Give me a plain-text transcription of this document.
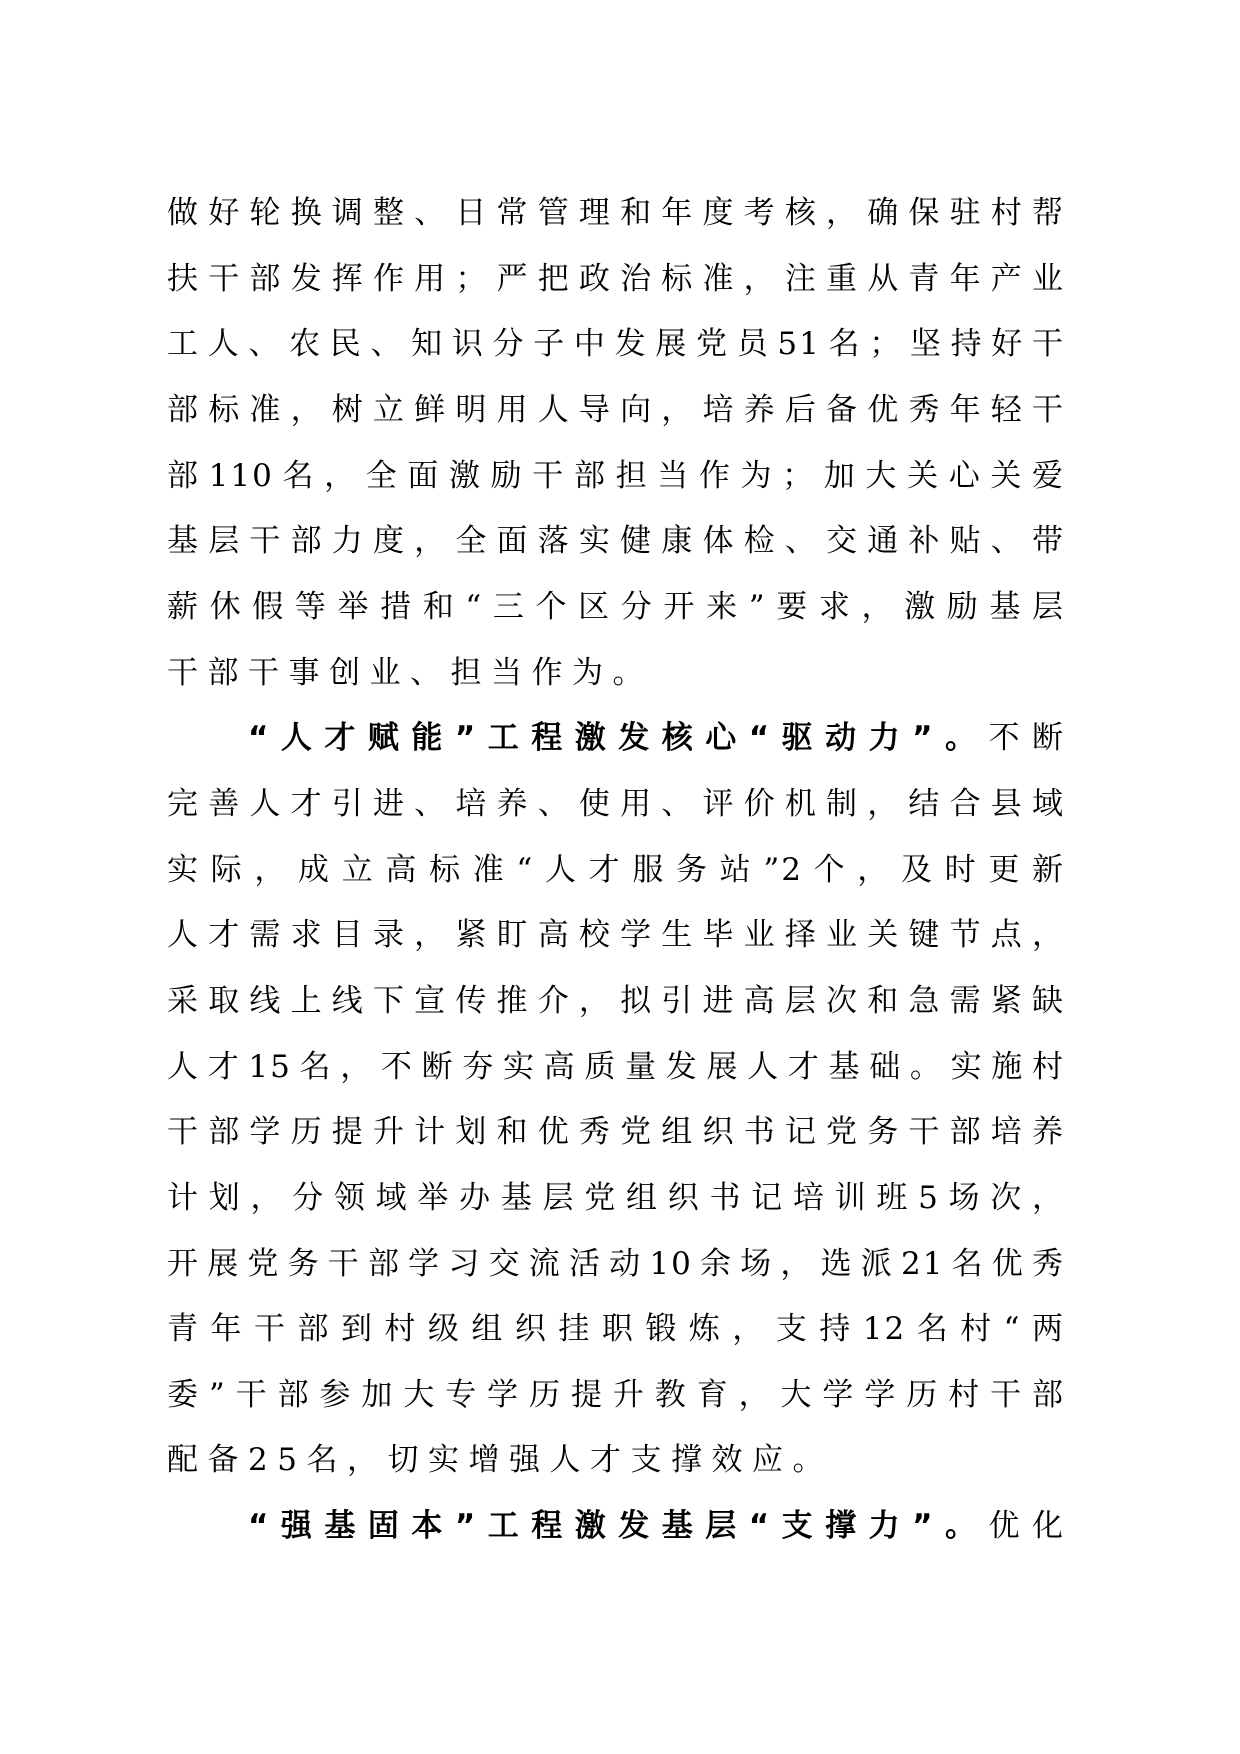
做好轮换调整、日常管理和年度考核，确保驻村帮
扶干部发挥作用；严把政治标准，注重从青年产业
工人、农民、知识分子中发展党员51名；坚持好干
部标准，树立鲜明用人导向，培养后备优秀年轻干
部110名，全面激励干部担当作为；加大关心关爱
基层干部力度，全面落实健康体检、交通补贴、带
薪休假等举措和“三个区分开来”要求，激励基层
干部干事创业、担当作为。
“人才赋能”工程激发核心“驱动力”。不断
完善人才引进、培养、使用、评价机制，结合县域
实际，成立高标准“人才服务站”2个，及时更新
人才需求目录，紧盯高校学生毕业择业关键节点，
采取线上线下宣传推介，拟引进高层次和急需紧缺
人才15名，不断夯实高质量发展人才基础。实施村
干部学历提升计划和优秀党组织书记党务干部培养
计划，分领域举办基层党组织书记培训班5场次，
开展党务干部学习交流活动10余场，选派21名优秀
青年干部到村级组织挂职锻炼，支持12名村“两
委”干部参加大专学历提升教育，大学学历村干部
配备25名，切实增强人才支撑效应。
“强基固本”工程激发基层“支撑力”。优化
